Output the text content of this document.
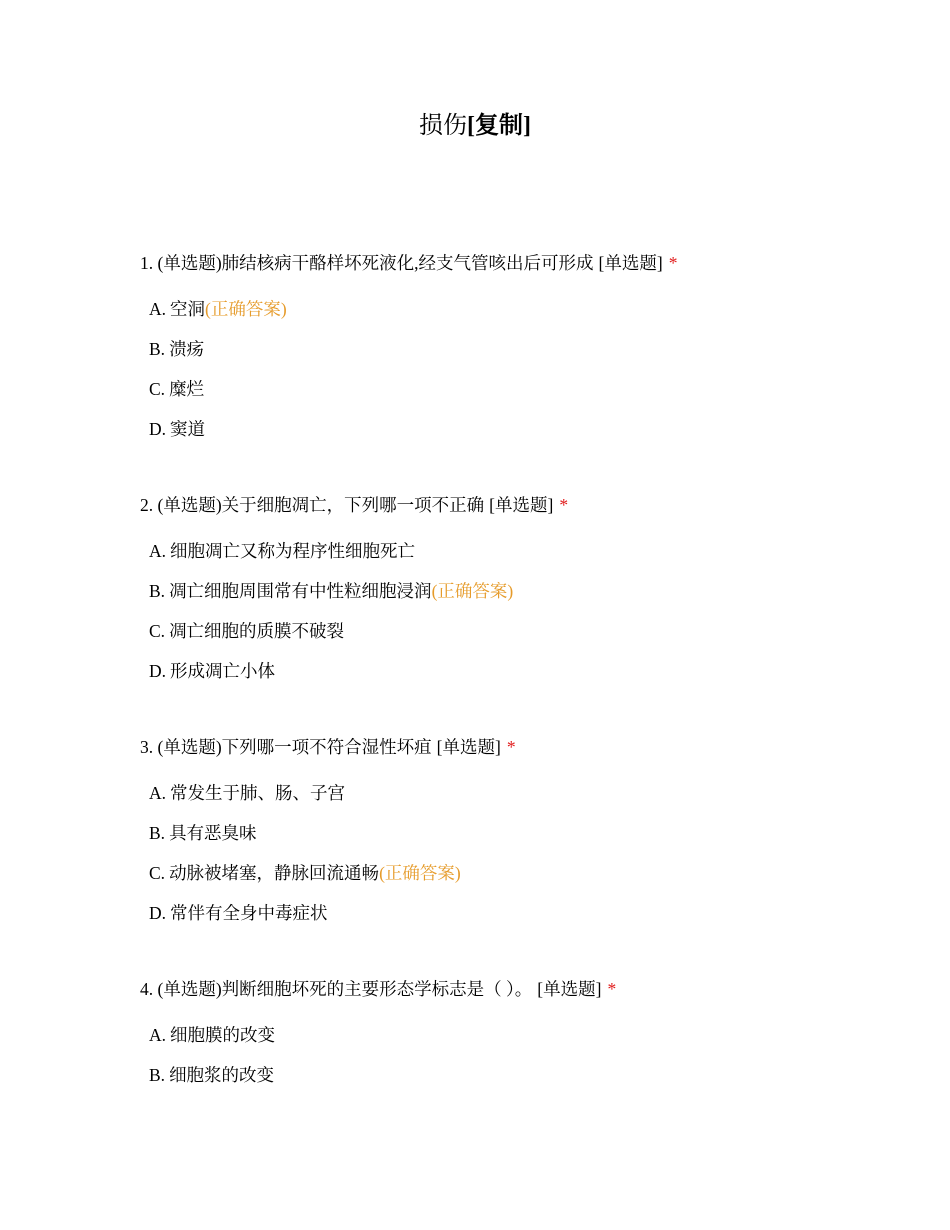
损伤[复制]
1. (单选题)肺结核病干酪样坏死液化,经支气管咳出后可形成 [单选题] *
A. 空洞(正确答案)
B. 溃疡
C. 糜烂
D. 窦道
2. (单选题)关于细胞凋亡，下列哪一项不正确 [单选题] *
A. 细胞凋亡又称为程序性细胞死亡
B. 凋亡细胞周围常有中性粒细胞浸润(正确答案)
C. 凋亡细胞的质膜不破裂
D. 形成凋亡小体
3. (单选题)下列哪一项不符合湿性坏疽 [单选题] *
A. 常发生于肺、肠、子宫
B. 具有恶臭味
C. 动脉被堵塞，静脉回流通畅(正确答案)
D. 常伴有全身中毒症状
4. (单选题)判断细胞坏死的主要形态学标志是（ ）。 [单选题] *
A. 细胞膜的改变
B. 细胞浆的改变
